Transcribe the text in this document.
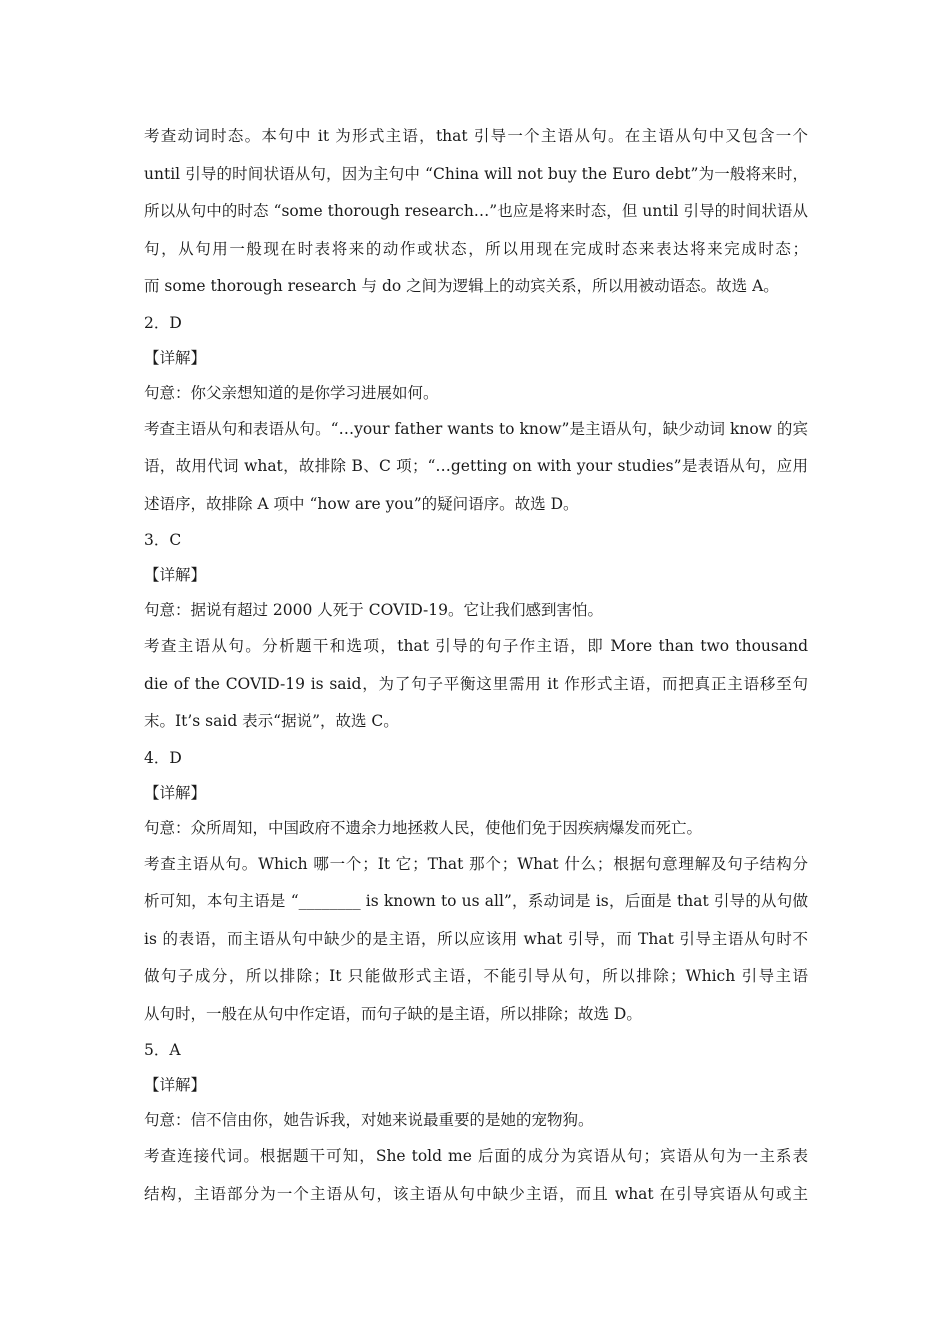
考查动词时态。本句中 it 为形式主语，that 引导一个主语从句。在主语从句中又包含一个
until 引导的时间状语从句，因为主句中 “China will not buy the Euro debt”为一般将来时，
所以从句中的时态 “some thorough research…”也应是将来时态，但 until 引导的时间状语从
句，从句用一般现在时表将来的动作或状态，所以用现在完成时态来表达将来完成时态；
而 some thorough research 与 do 之间为逻辑上的动宾关系，所以用被动语态。故选 A。
2．D
【详解】
句意：你父亲想知道的是你学习进展如何。
考查主语从句和表语从句。“…your father wants to know”是主语从句，缺少动词 know 的宾
语，故用代词 what，故排除 B、C 项；“…getting on with your studies”是表语从句，应用
述语序，故排除 A 项中 “how are you”的疑问语序。故选 D。
3．C
【详解】
句意：据说有超过 2000 人死于 COVID-19。它让我们感到害怕。
考查主语从句。分析题干和选项，that 引导的句子作主语，即 More than two thousand
die of the COVID-19 is said，为了句子平衡这里需用 it 作形式主语，而把真正主语移至句
末。It’s said 表示“据说”，故选 C。
4．D
【详解】
句意：众所周知，中国政府不遗余力地拯救人民，使他们免于因疾病爆发而死亡。
考查主语从句。Which 哪一个；It 它；That 那个；What 什么；根据句意理解及句子结构分
析可知，本句主语是 “________ is known to us all”，系动词是 is，后面是 that 引导的从句做
is 的表语，而主语从句中缺少的是主语，所以应该用 what 引导，而 That 引导主语从句时不
做句子成分，所以排除；It 只能做形式主语，不能引导从句，所以排除；Which 引导主语
从句时，一般在从句中作定语，而句子缺的是主语，所以排除；故选 D。
5．A
【详解】
句意：信不信由你，她告诉我，对她来说最重要的是她的宠物狗。
考查连接代词。根据题干可知，She told me 后面的成分为宾语从句；宾语从句为一主系表
结构，主语部分为一个主语从句，该主语从句中缺少主语，而且 what 在引导宾语从句或主
